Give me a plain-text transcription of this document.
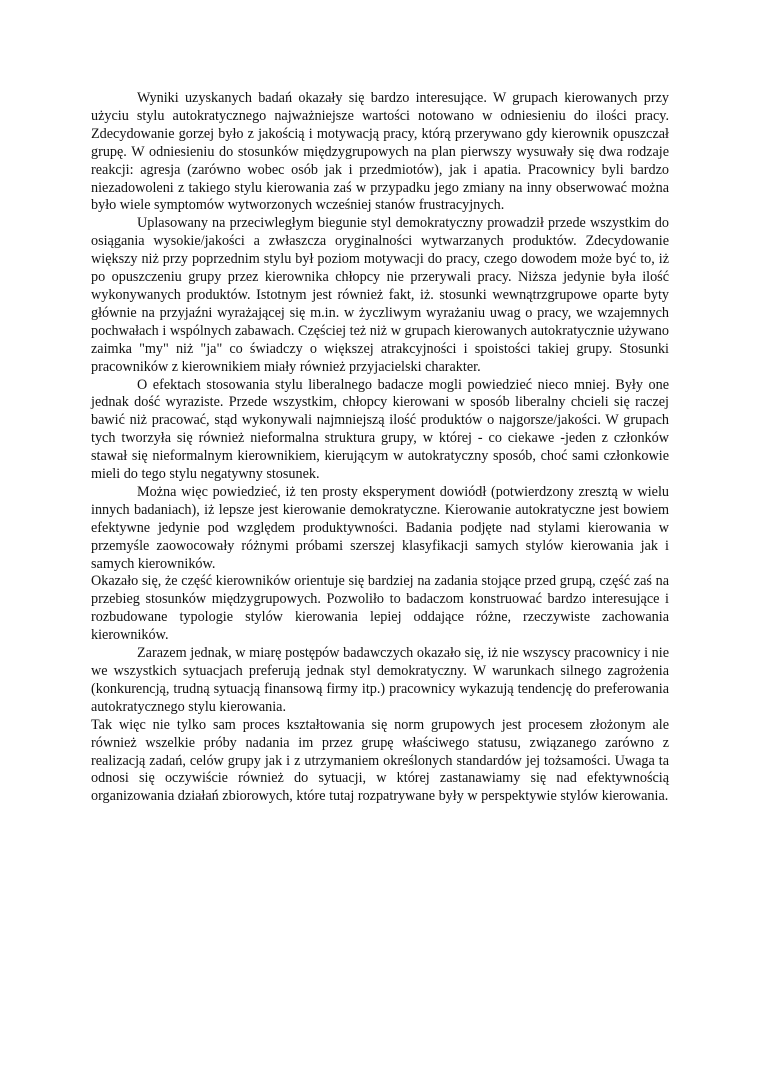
Wyniki uzyskanych badań okazały się bardzo interesujące. W grupach kierowanych przy użyciu stylu autokratycznego najważniejsze wartości notowano w odniesieniu do ilości pracy. Zdecydowanie gorzej było z jakością i motywacją pracy, którą przerywano gdy kierownik opuszczał grupę. W odniesieniu do stosunków międzygrupowych na plan pierwszy wysuwały się dwa rodzaje reakcji: agresja (zarówno wobec osób jak i przedmiotów), jak i apatia. Pracownicy byli bardzo niezadowoleni z takiego stylu kierowania zaś w przypadku jego zmiany na inny obserwować można było wiele symptomów wytworzonych wcześniej stanów frustracyjnych.

Uplasowany na przeciwległym biegunie styl demokratyczny prowadził przede wszystkim do osiągania wysokie/jakości a zwłaszcza oryginalności wytwarzanych produktów. Zdecydowanie większy niż przy poprzednim stylu był poziom motywacji do pracy, czego dowodem może być to, iż po opuszczeniu grupy przez kierownika chłopcy nie przerywali pracy. Niższa jedynie była ilość wykonywanych produktów. Istotnym jest również fakt, iż. stosunki wewnątrzgrupowe oparte byty głównie na przyjaźni wyrażającej się m.in. w życzliwym wyrażaniu uwag o pracy, we wzajemnych pochwałach i wspólnych zabawach. Częściej też niż w grupach kierowanych autokratycznie używano zaimka "my" niż "ja" co świadczy o większej atrakcyjności i spoistości takiej grupy. Stosunki pracowników z kierownikiem miały również przyjacielski charakter.

O efektach stosowania stylu liberalnego badacze mogli powiedzieć nieco mniej. Były one jednak dość wyraziste. Przede wszystkim, chłopcy kierowani w sposób liberalny chcieli się raczej bawić niż pracować, stąd wykonywali najmniejszą ilość produktów o najgorsze/jakości. W grupach tych tworzyła się również nieformalna struktura grupy, w której - co ciekawe -jeden z członków stawał się nieformalnym kierownikiem, kierującym w autokratyczny sposób, choć sami członkowie mieli do tego stylu negatywny stosunek.

Można więc powiedzieć, iż ten prosty eksperyment dowiódł (potwierdzony zresztą w wielu innych badaniach), iż lepsze jest kierowanie demokratyczne. Kierowanie autokratyczne jest bowiem efektywne jedynie pod względem produktywności. Badania podjęte nad stylami kierowania w przemyśle zaowocowały różnymi próbami szerszej klasyfikacji samych stylów kierowania jak i samych kierowników.

Okazało się, że część kierowników orientuje się bardziej na zadania stojące przed grupą, część zaś na przebieg stosunków międzygrupowych. Pozwoliło to badaczom konstruować bardzo interesujące i rozbudowane typologie stylów kierowania lepiej oddające różne, rzeczywiste zachowania kierowników.

Zarazem jednak, w miarę postępów badawczych okazało się, iż nie wszyscy pracownicy i nie we wszystkich sytuacjach preferują jednak styl demokratyczny. W warunkach silnego zagrożenia (konkurencją, trudną sytuacją finansową firmy itp.) pracownicy wykazują tendencję do preferowania autokratycznego stylu kierowania.

Tak więc nie tylko sam proces kształtowania się norm grupowych jest procesem złożonym ale również wszelkie próby nadania im przez grupę właściwego statusu, związanego zarówno z realizacją zadań, celów grupy jak i z utrzymaniem określonych standardów jej tożsamości. Uwaga ta odnosi się oczywiście również do sytuacji, w której zastanawiamy się nad efektywnością organizowania działań zbiorowych, które tutaj rozpatrywane były w perspektywie stylów kierowania.
